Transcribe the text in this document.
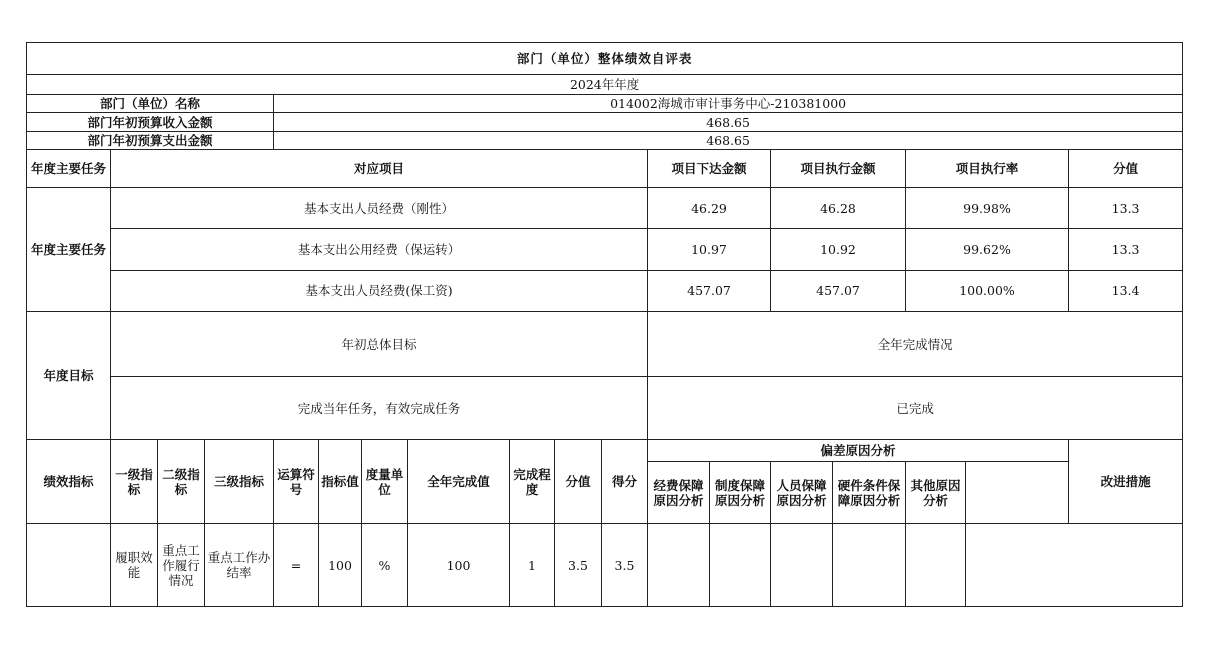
部门（单位）整体绩效自评表																	
2024年年度																	
部门（单位）名称				014002海城市审计事务中心-210381000													
部门年初预算收入金额				468.65													
部门年初预算支出金额				468.65													
年度主要任务	对应项目										项目下达金额		项目执行金额		项目执行率		分值
年度主要任务	基本支出人员经费（刚性）										46.29		46.28		99.98%		13.3
	基本支出公用经费（保运转）										10.97		10.92		99.62%		13.3
	基本支出人员经费(保工资)										457.07		457.07		100.00%		13.4
年度目标	年初总体目标										全年完成情况						
	完成当年任务，有效完成任务										已完成						
绩效指标	一级指标	二级指标	三级指标	运算符号	指标值	度量单位	全年完成值	完成程度	分值	得分	偏差原因分析						改进措施
											经费保障原因分析	制度保障原因分析	人员保障原因分析	硬件条件保障原因分析	其他原因分析		
	履职效能	重点工作履行情况	重点工作办结率	=	100	%	100	1	3.5	3.5							
